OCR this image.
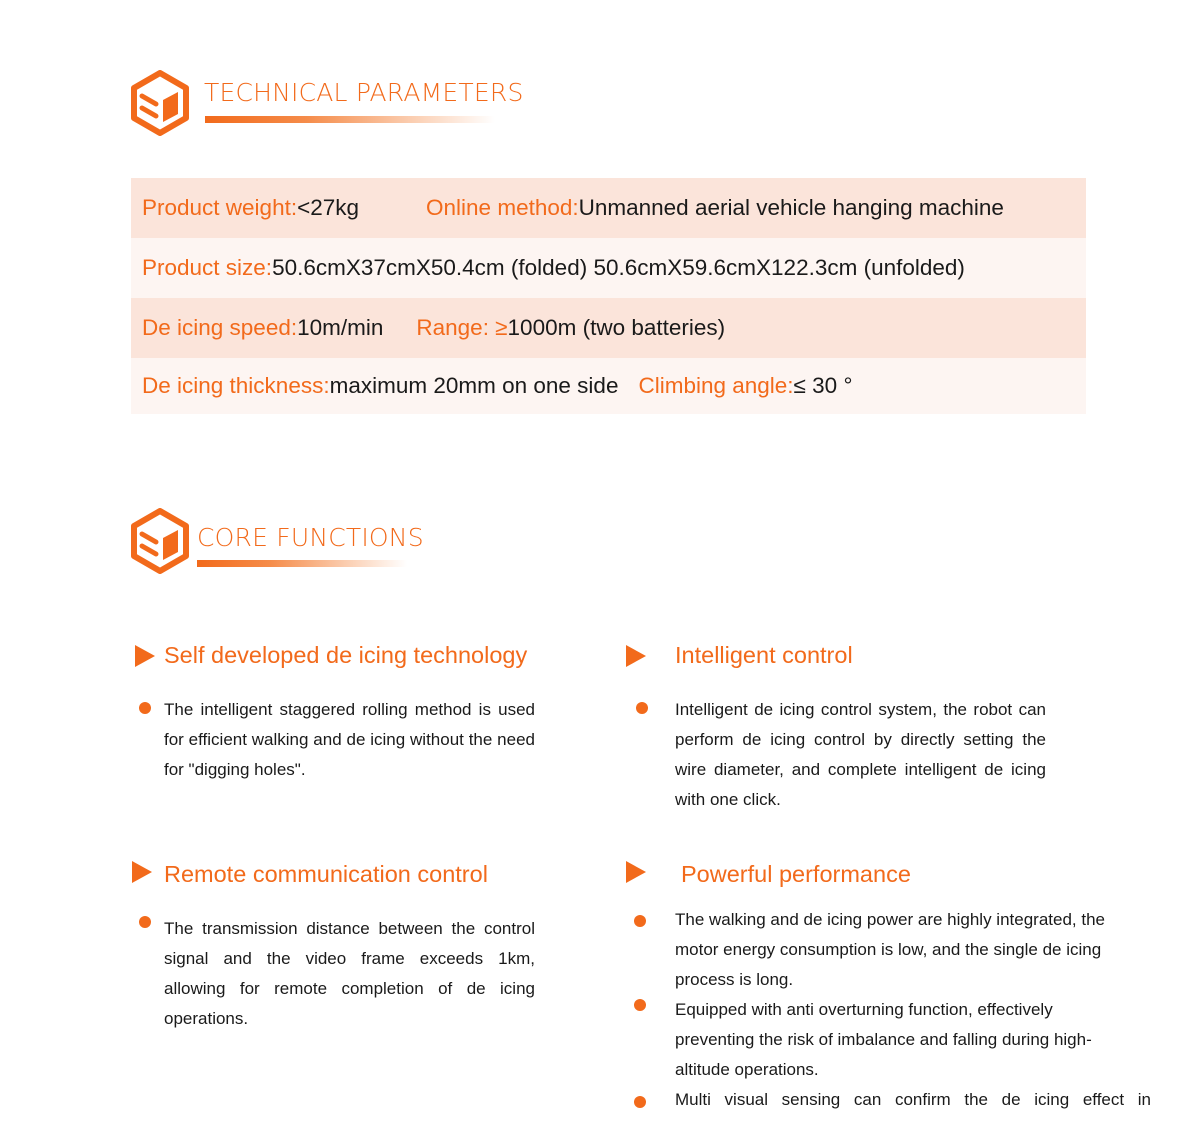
TECHNICAL PARAMETERS
Product weight: <27kg	Online method: Unmanned aerial vehicle hanging machine
Product size: 50.6cmX37cmX50.4cm (folded) 50.6cmX59.6cmX122.3cm (unfolded)
De icing speed: 10m/min Range: ≥ 1000m (two batteries)
De icing thickness: maximum 20mm on one side Climbing angle: ≤ 30 °
CORE FUNCTIONS
Self developed de icing technology
The intelligent staggered rolling method is used for efficient walking and de icing without the need for "digging holes".
Intelligent control
Intelligent de icing control system, the robot can perform de icing control by directly setting the wire diameter, and complete intelligent de icing with one click.
Remote communication control
The transmission distance between the control signal and the video frame exceeds 1km, allowing for remote completion of de icing operations.
Powerful performance
The walking and de icing power are highly integrated, the motor energy consumption is low, and the single de icing process is long.
Equipped with anti overturning function, effectively preventing the risk of imbalance and falling during high-altitude operations.
Multi visual sensing can confirm the de icing effect in
